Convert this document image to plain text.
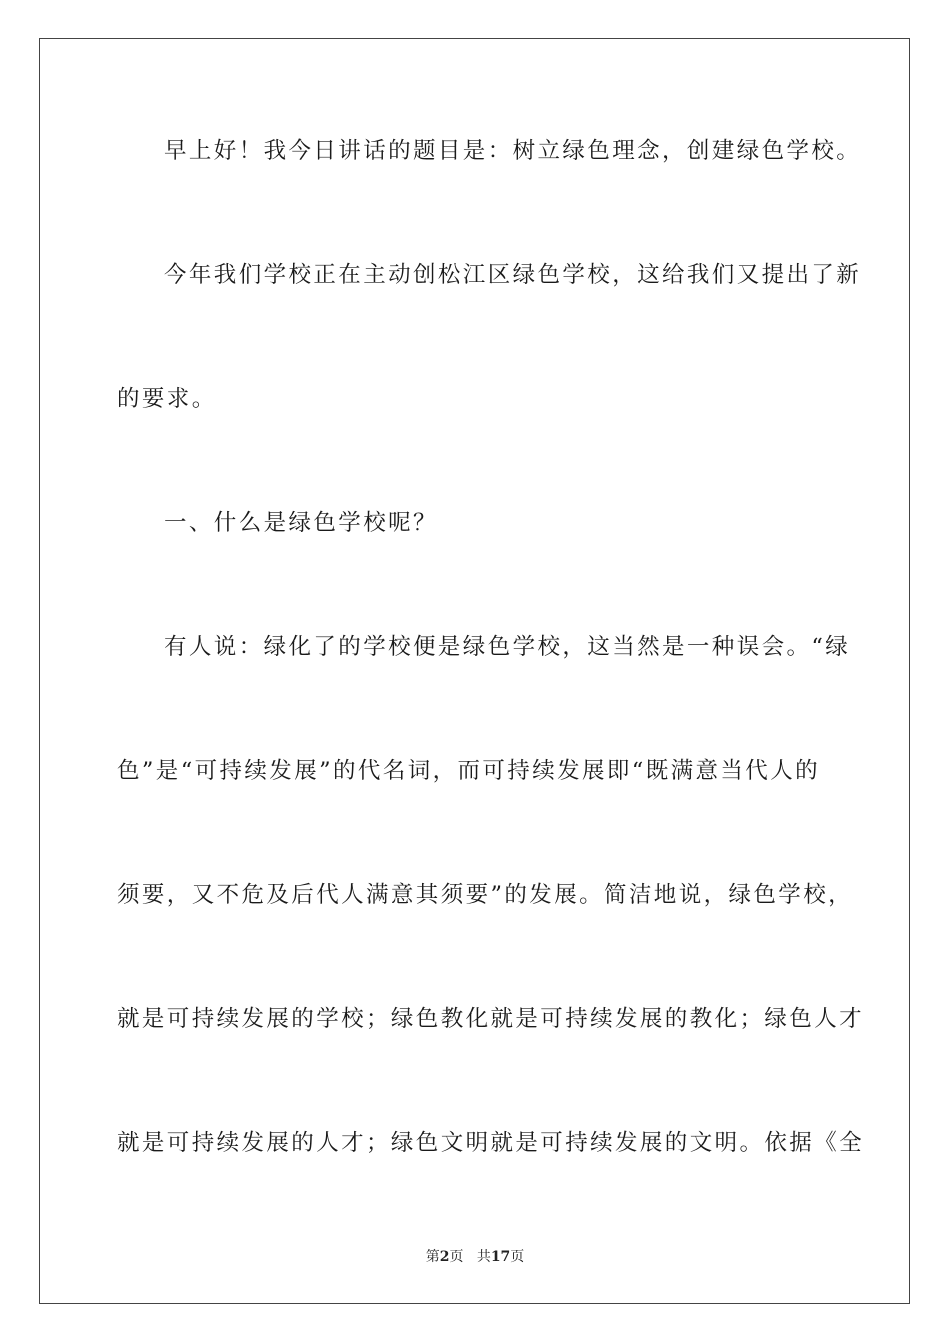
早上好！我今日讲话的题目是：树立绿色理念，创建绿色学校。
今年我们学校正在主动创松江区绿色学校，这给我们又提出了新
的要求。
一、什么是绿色学校呢？
有人说：绿化了的学校便是绿色学校，这当然是一种误会。“绿
色”是“可持续发展”的代名词，而可持续发展即“既满意当代人的
须要，又不危及后代人满意其须要”的发展。简洁地说，绿色学校，
就是可持续发展的学校；绿色教化就是可持续发展的教化；绿色人才
就是可持续发展的人才；绿色文明就是可持续发展的文明。依据《全
第2页 共17页
